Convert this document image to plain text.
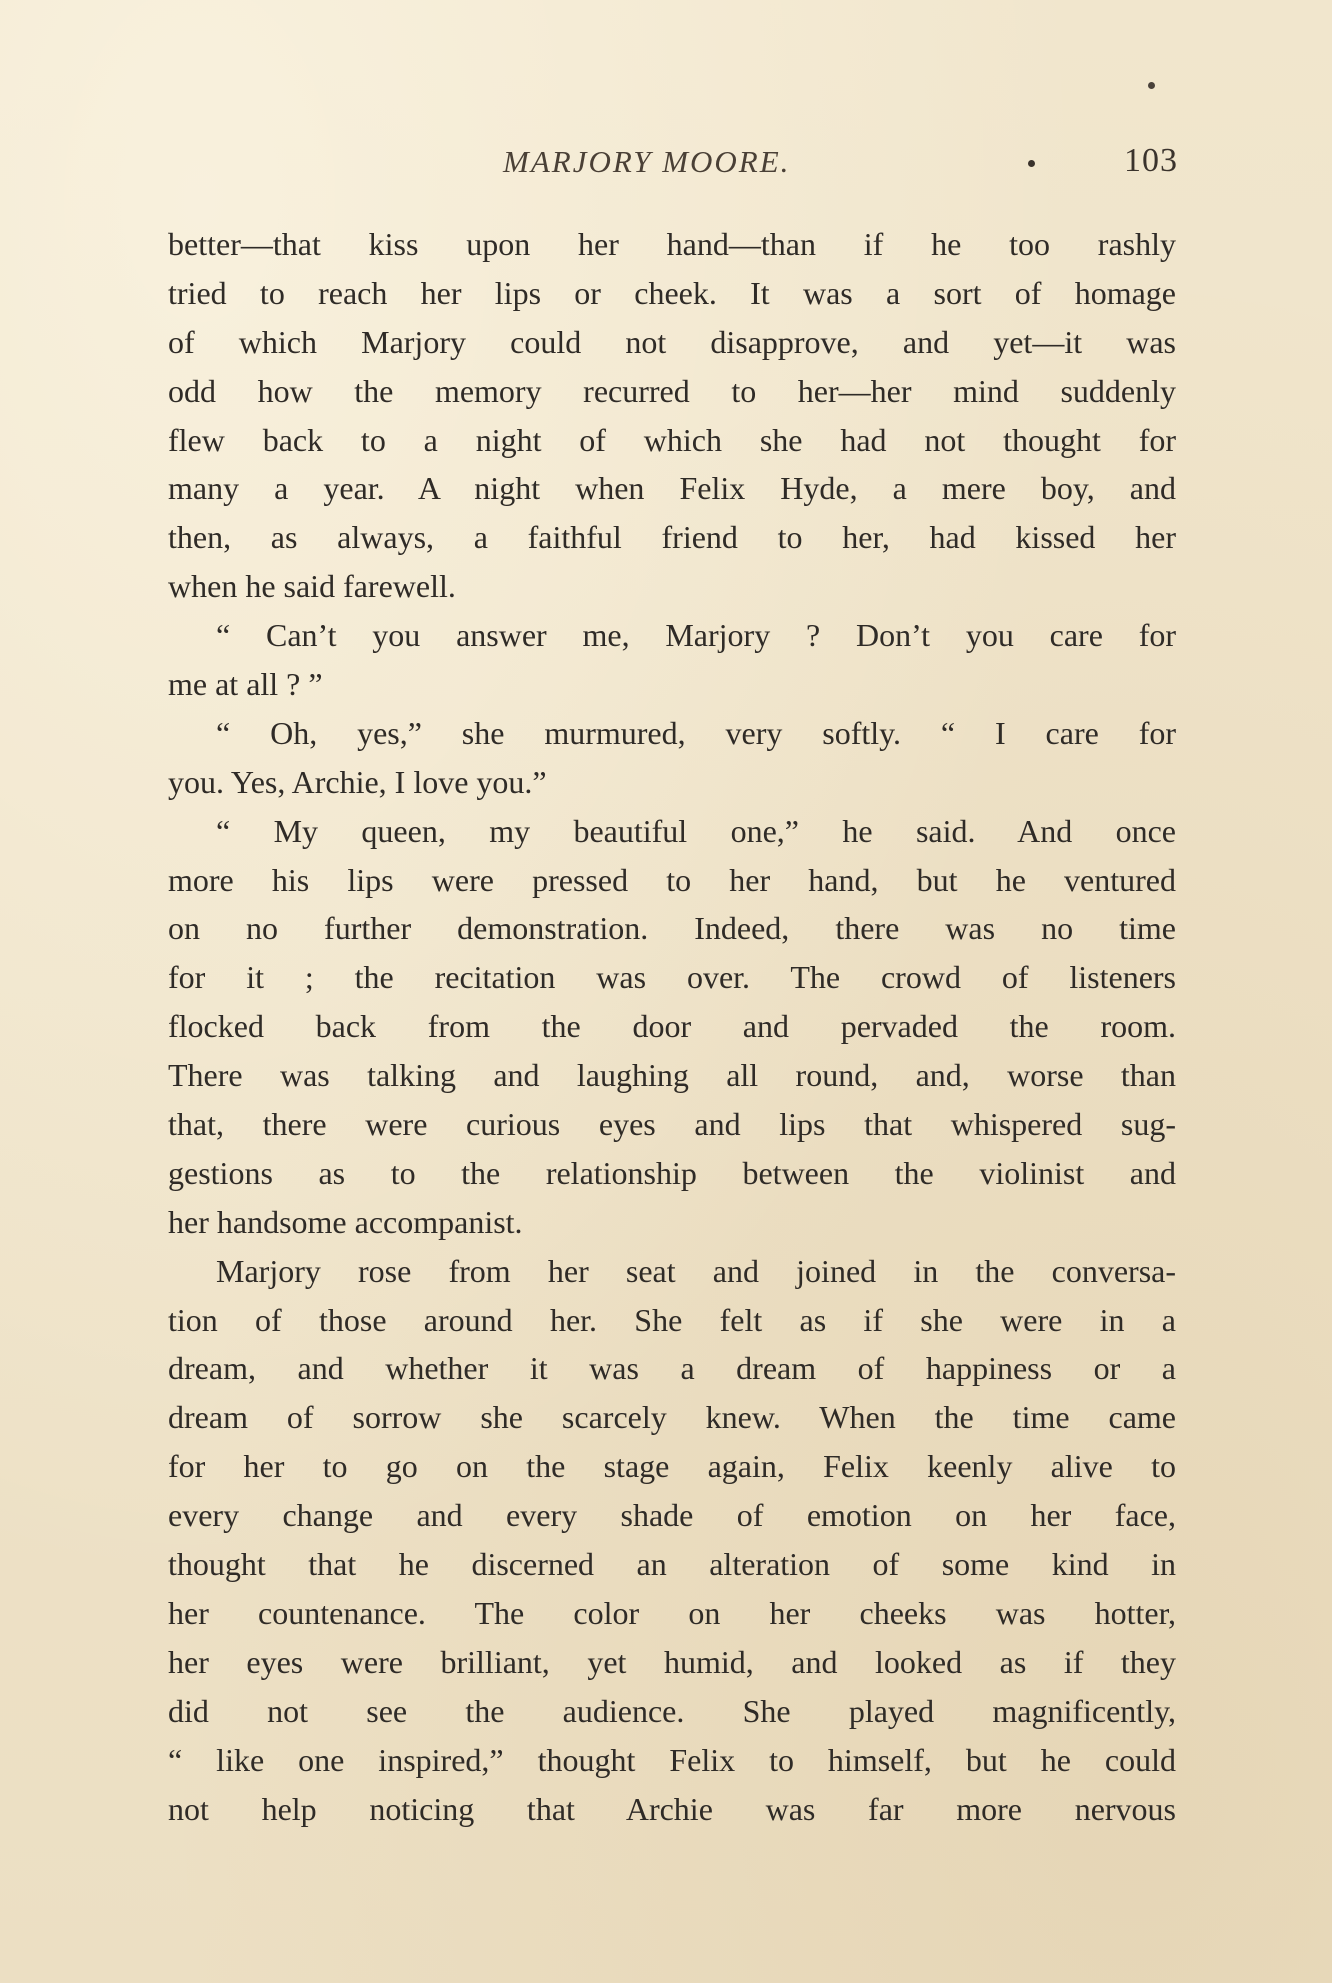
MARJORY MOORE.	103
better—that kiss upon her hand—than if he too rashly
tried to reach her lips or cheek. It was a sort of homage
of which Marjory could not disapprove, and yet—it was
odd how the memory recurred to her—her mind suddenly
flew back to a night of which she had not thought for
many a year. A night when Felix Hyde, a mere boy, and
then, as always, a faithful friend to her, had kissed her
when he said farewell.
“ Can’t you answer me, Marjory ? Don’t you care for
me at all ? ”
“ Oh, yes,” she murmured, very softly. “ I care for
you. Yes, Archie, I love you.”
“ My queen, my beautiful one,” he said. And once
more his lips were pressed to her hand, but he ventured
on no further demonstration. Indeed, there was no time
for it ; the recitation was over. The crowd of listeners
flocked back from the door and pervaded the room.
There was talking and laughing all round, and, worse than
that, there were curious eyes and lips that whispered sug-
gestions as to the relationship between the violinist and
her handsome accompanist.
Marjory rose from her seat and joined in the conversa-
tion of those around her. She felt as if she were in a
dream, and whether it was a dream of happiness or a
dream of sorrow she scarcely knew. When the time came
for her to go on the stage again, Felix keenly alive to
every change and every shade of emotion on her face,
thought that he discerned an alteration of some kind in
her countenance. The color on her cheeks was hotter,
her eyes were brilliant, yet humid, and looked as if they
did not see the audience. She played magnificently,
“ like one inspired,” thought Felix to himself, but he could
not help noticing that Archie was far more nervous
